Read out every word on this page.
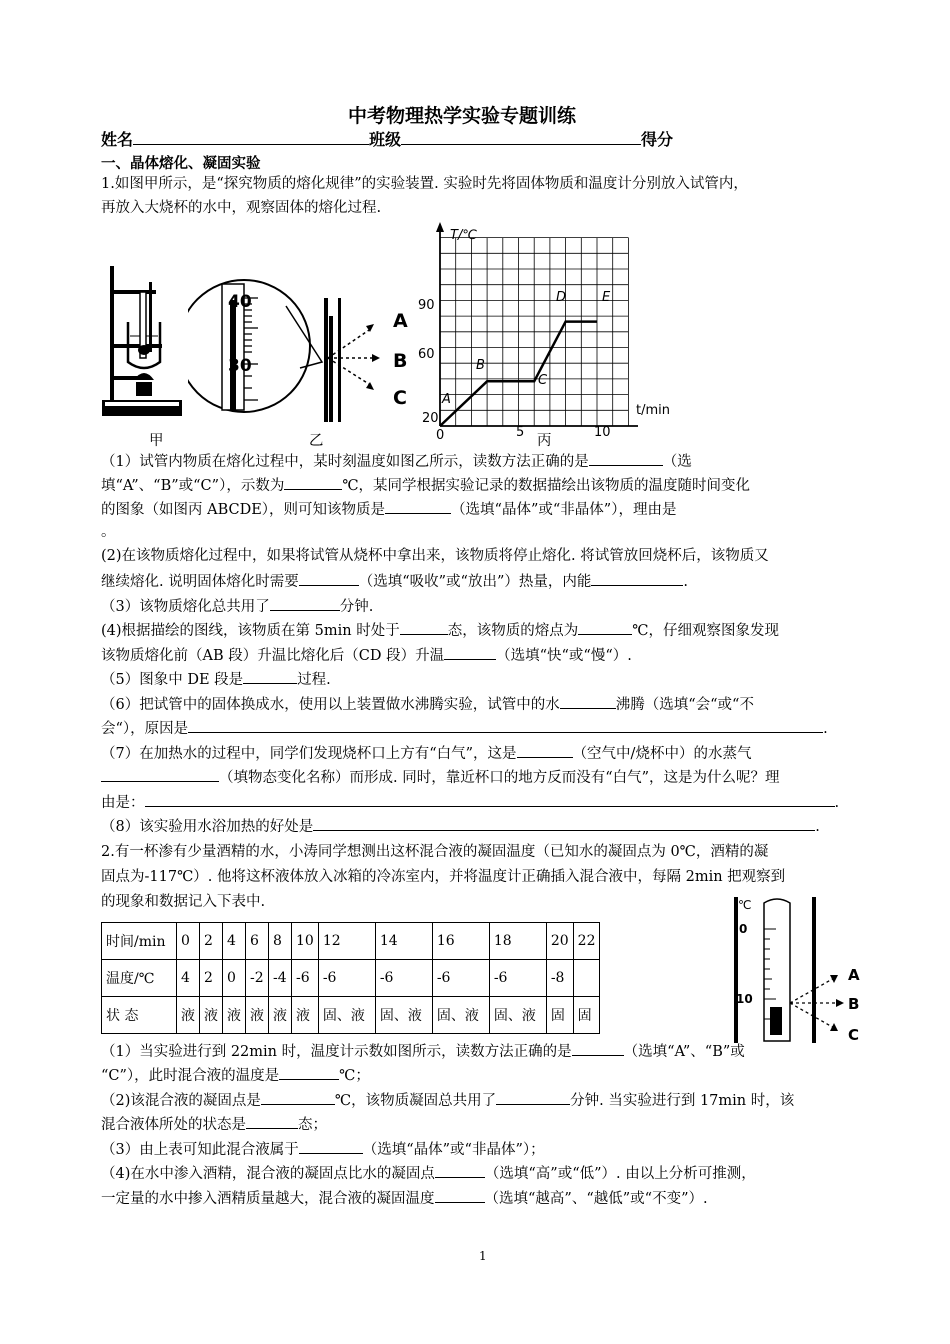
中考物理热学实验专题训练
姓名	班级	得分
一、晶体熔化、凝固实验
1.如图甲所示，是“探究物质的熔化规律”的实验装置. 实验时先将固体物质和温度计分别放入试管内，
再放入大烧杯的水中，观察固体的熔化过程.
40
30
A
B
C
甲	乙	丙
T/℃
t/min
90
60
20
0	5	10
A
B
C
D	E
（1）试管内物质在熔化过程中，某时刻温度如图乙所示，读数方法正确的是	（选
填“A”、“B”或“C”），示数为	℃，某同学根据实验记录的数据描绘出该物质的温度随时间变化
的图象（如图丙 ABCDE），则可知该物质是	（选填“晶体”或“非晶体”），理由是
。
(2)在该物质熔化过程中，如果将试管从烧杯中拿出来，该物质将停止熔化. 将试管放回烧杯后，该物质又
继续熔化. 说明固体熔化时需要	（选填“吸收”或“放出”）热量，内能	.
（3）该物质熔化总共用了	分钟.
(4)根据描绘的图线，该物质在第 5min 时处于	态，该物质的熔点为	℃，仔细观察图象发现
该物质熔化前（AB 段）升温比熔化后（CD 段）升温	（选填“快“或“慢“）.
（5）图象中 DE 段是	过程.
（6）把试管中的固体换成水，使用以上装置做水沸腾实验，试管中的水	沸腾（选填“会“或“不
会“），原因是	.
（7）在加热水的过程中，同学们发现烧杯口上方有“白气”，这是	（空气中/烧杯中）的水蒸气
（填物态变化名称）而形成. 同时，靠近杯口的地方反而没有“白气”，这是为什么呢？理
由是：	.
（8）该实验用水浴加热的好处是	.
2.有一杯渗有少量酒精的水，小涛同学想测出这杯混合液的凝固温度（已知水的凝固点为 0℃，酒精的凝
固点为-117℃）. 他将这杯液体放入冰箱的冷冻室内，并将温度计正确插入混合液中，每隔 2min 把观察到
的现象和数据记入下表中.
时间/min	0	2	4	6	8	10	12	14	16	18	20	22
温度/℃	4	2	0	-2	-4	-6	-6	-6	-6	-6	-8	
状 态	液	液	液	液	液	液	固、液	固、液	固、液	固、液	固	固
℃
0
10
A
B
C
（1）当实验进行到 22min 时，温度计示数如图所示，读数方法正确的是	（选填“A”、“B”或
“C”），此时混合液的温度是	℃；
（2)该混合液的凝固点是	℃，该物质凝固总共用了	分钟. 当实验进行到 17min 时，该
混合液体所处的状态是	态；
（3）由上表可知此混合液属于	（选填“晶体”或“非晶体”）；
（4)在水中渗入酒精，混合液的凝固点比水的凝固点	（选填“高”或“低”）. 由以上分析可推测，
一定量的水中掺入酒精质量越大，混合液的凝固温度	（选填“越高”、“越低”或“不变”）.
1
